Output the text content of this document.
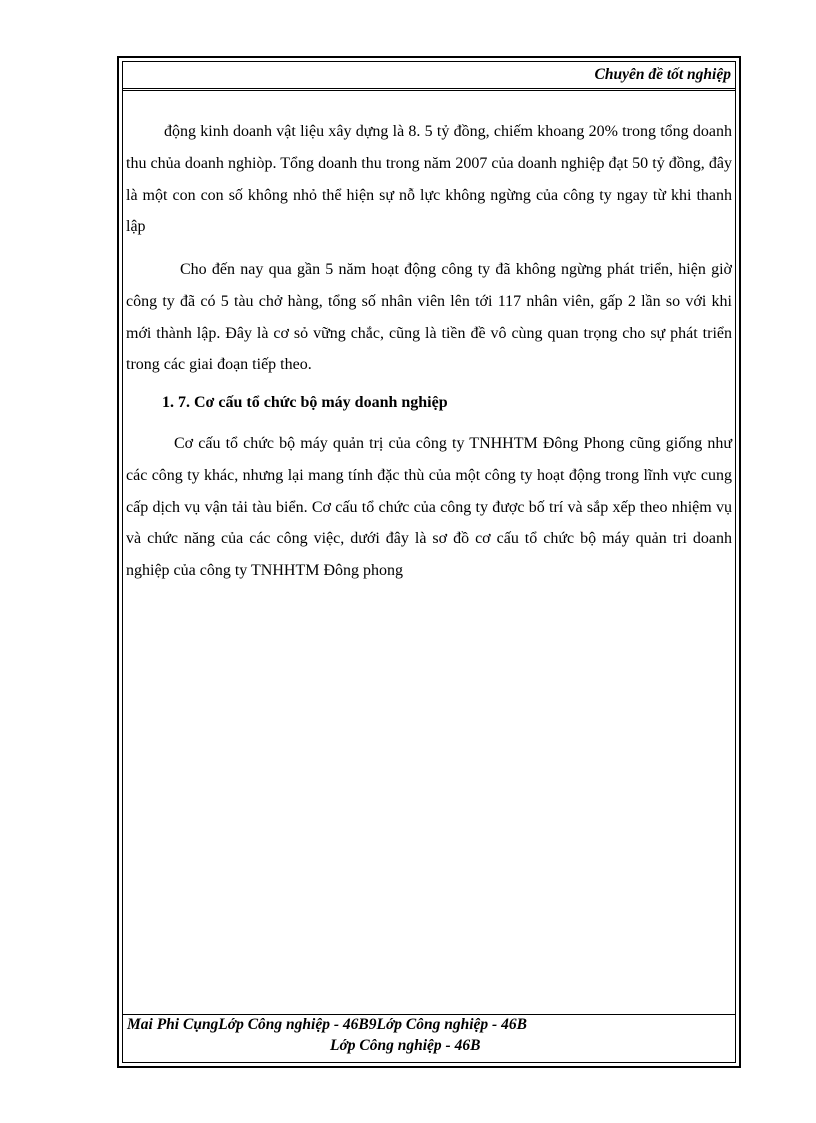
Chuyên đề tốt nghiệp

động kinh doanh vật liệu xây dựng là 8. 5 tỷ đồng, chiếm khoang 20% trong tổng doanh thu chủa doanh nghiòp. Tổng doanh thu trong năm 2007 của doanh nghiệp đạt 50 tỷ đồng, đây là một con con số không nhỏ thể hiện sự nỗ lực không ngừng của công ty ngay từ khi thanh lập

Cho đến nay qua gần 5 năm hoạt động công ty đã không ngừng phát triển, hiện giờ công ty đã có 5 tàu chở hàng, tổng số nhân viên lên tới 117 nhân viên, gấp 2 lần so với khi mới thành lập. Đây là cơ sỏ vững chắc, cũng là tiền đề vô cùng quan trọng cho sự phát triển trong các giai đoạn tiếp theo.

1. 7. Cơ cấu tổ chức bộ máy doanh nghiệp

Cơ cấu tổ chức bộ máy quản trị của công ty TNHHTM Đông Phong cũng giống như các công ty khác, nhưng lại mang tính đặc thù của một công ty hoạt động trong lĩnh vực cung cấp dịch vụ vận tải tàu biển. Cơ cấu tổ chức của công ty được bố trí và sắp xếp theo nhiệm vụ và chức năng của các công việc, dưới đây là sơ đồ cơ cấu tổ chức bộ máy quản tri doanh nghiệp của công ty TNHHTM Đông phong

Mai Phi CụngLớp Công nghiệp - 46B9Lớp Công nghiệp - 46B
Lớp Công nghiệp - 46B
